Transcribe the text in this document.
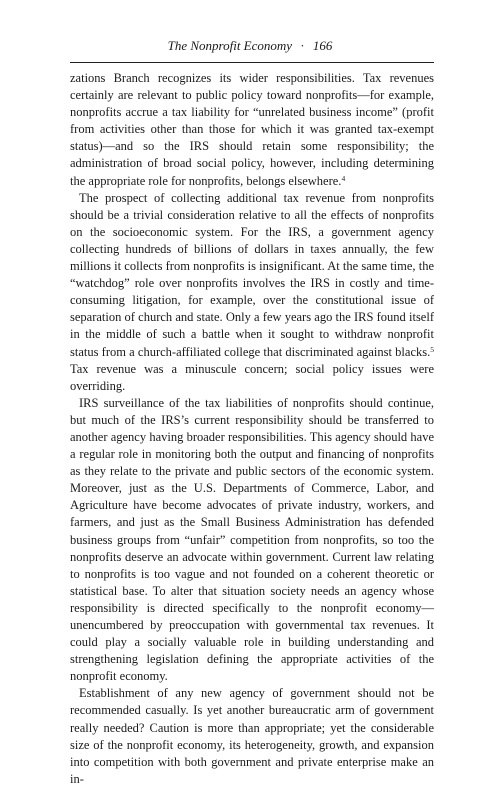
The Nonprofit Economy · 166

zations Branch recognizes its wider responsibilities. Tax revenues certainly are relevant to public policy toward nonprofits—for example, nonprofits accrue a tax liability for “unrelated business income” (profit from activities other than those for which it was granted tax-exempt status)—and so the IRS should retain some responsibility; the administration of broad social policy, however, including determining the appropriate role for nonprofits, belongs elsewhere.$^4$

The prospect of collecting additional tax revenue from nonprofits should be a trivial consideration relative to all the effects of nonprofits on the socioeconomic system. For the IRS, a government agency collecting hundreds of billions of dollars in taxes annually, the few millions it collects from nonprofits is insignificant. At the same time, the “watchdog” role over nonprofits involves the IRS in costly and time-consuming litigation, for example, over the constitutional issue of separation of church and state. Only a few years ago the IRS found itself in the middle of such a battle when it sought to withdraw nonprofit status from a church-affiliated college that discriminated against blacks.$^5$ Tax revenue was a minuscule concern; social policy issues were overriding.

IRS surveillance of the tax liabilities of nonprofits should continue, but much of the IRS’s current responsibility should be transferred to another agency having broader responsibilities. This agency should have a regular role in monitoring both the output and financing of nonprofits as they relate to the private and public sectors of the economic system. Moreover, just as the U.S. Departments of Commerce, Labor, and Agriculture have become advocates of private industry, workers, and farmers, and just as the Small Business Administration has defended business groups from “unfair” competition from nonprofits, so too the nonprofits deserve an advocate within government. Current law relating to nonprofits is too vague and not founded on a coherent theoretic or statistical base. To alter that situation society needs an agency whose responsibility is directed specifically to the nonprofit economy—unencumbered by preoccupation with governmental tax revenues. It could play a socially valuable role in building understanding and strengthening legislation defining the appropriate activities of the nonprofit economy.

Establishment of any new agency of government should not be recommended casually. Is yet another bureaucratic arm of government really needed? Caution is more than appropriate; yet the considerable size of the nonprofit economy, its heterogeneity, growth, and expansion into competition with both government and private enterprise make an in-
